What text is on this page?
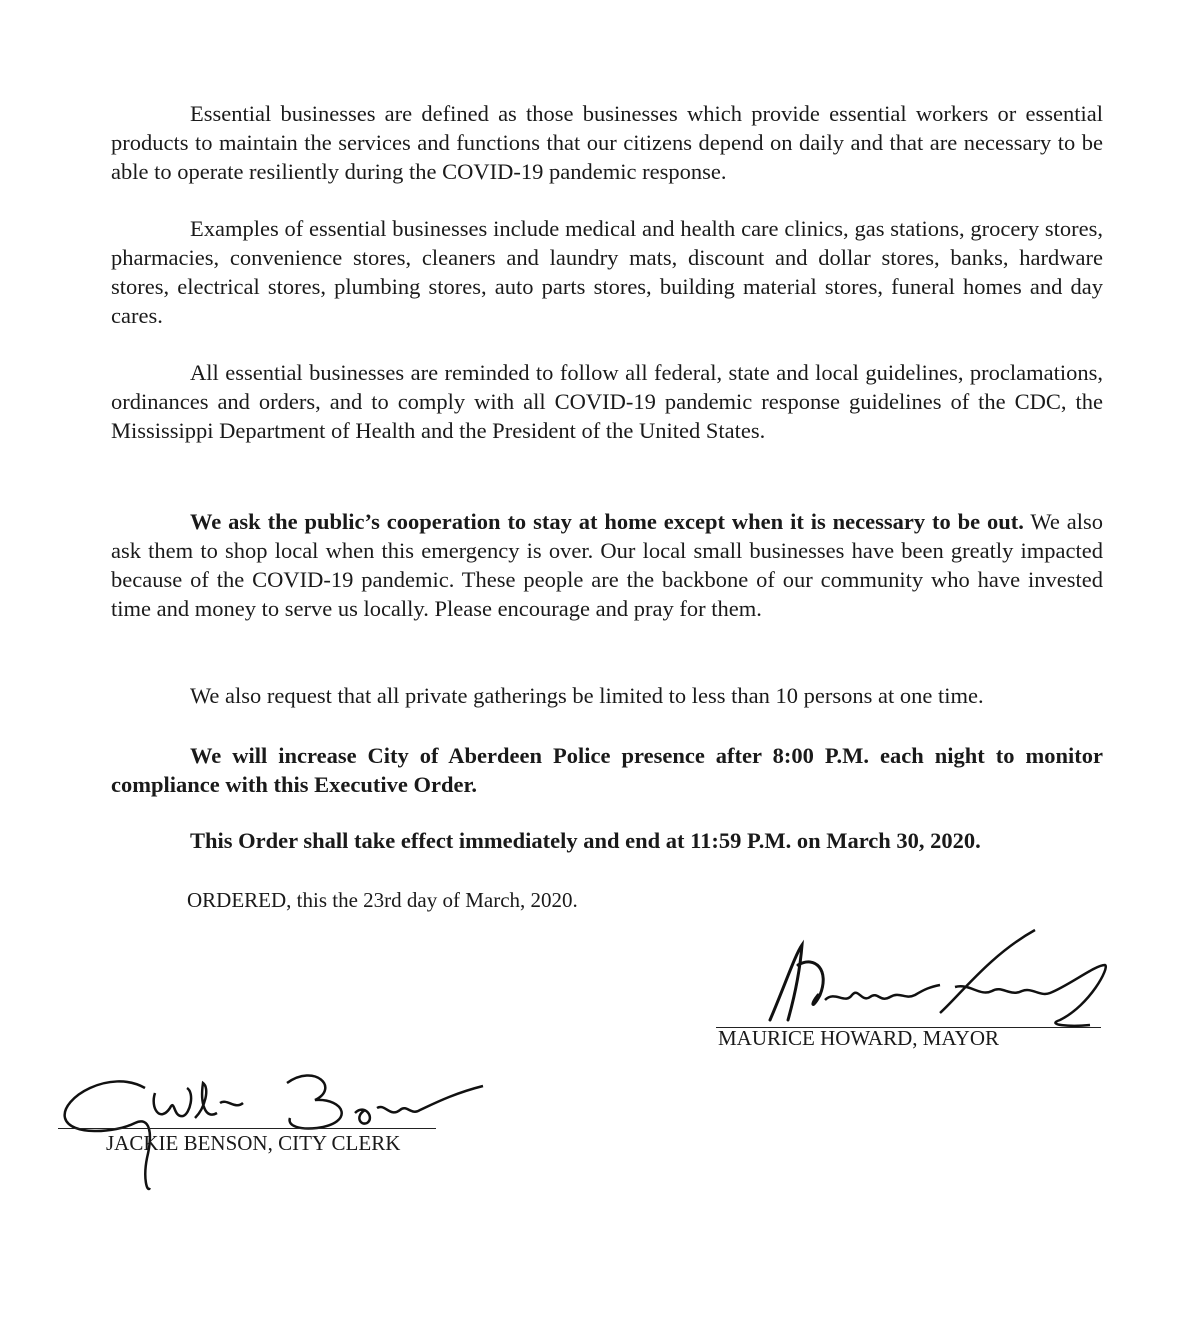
Essential businesses are defined as those businesses which provide essential workers or essential products to maintain the services and functions that our citizens depend on daily and that are necessary to be able to operate resiliently during the COVID-19 pandemic response.

Examples of essential businesses include medical and health care clinics, gas stations, grocery stores, pharmacies, convenience stores, cleaners and laundry mats, discount and dollar stores, banks, hardware stores, electrical stores, plumbing stores, auto parts stores, building material stores, funeral homes and day cares.

All essential businesses are reminded to follow all federal, state and local guidelines, proclamations, ordinances and orders, and to comply with all COVID-19 pandemic response guidelines of the CDC, the Mississippi Department of Health and the President of the United States.

We ask the public’s cooperation to stay at home except when it is necessary to be out. We also ask them to shop local when this emergency is over. Our local small businesses have been greatly impacted because of the COVID-19 pandemic. These people are the backbone of our community who have invested time and money to serve us locally. Please encourage and pray for them.

We also request that all private gatherings be limited to less than 10 persons at one time.

We will increase City of Aberdeen Police presence after 8:00 P.M. each night to monitor compliance with this Executive Order.

This Order shall take effect immediately and end at 11:59 P.M. on March 30, 2020.

ORDERED, this the 23rd day of March, 2020.

MAURICE HOWARD, MAYOR

JACKIE BENSON, CITY CLERK
